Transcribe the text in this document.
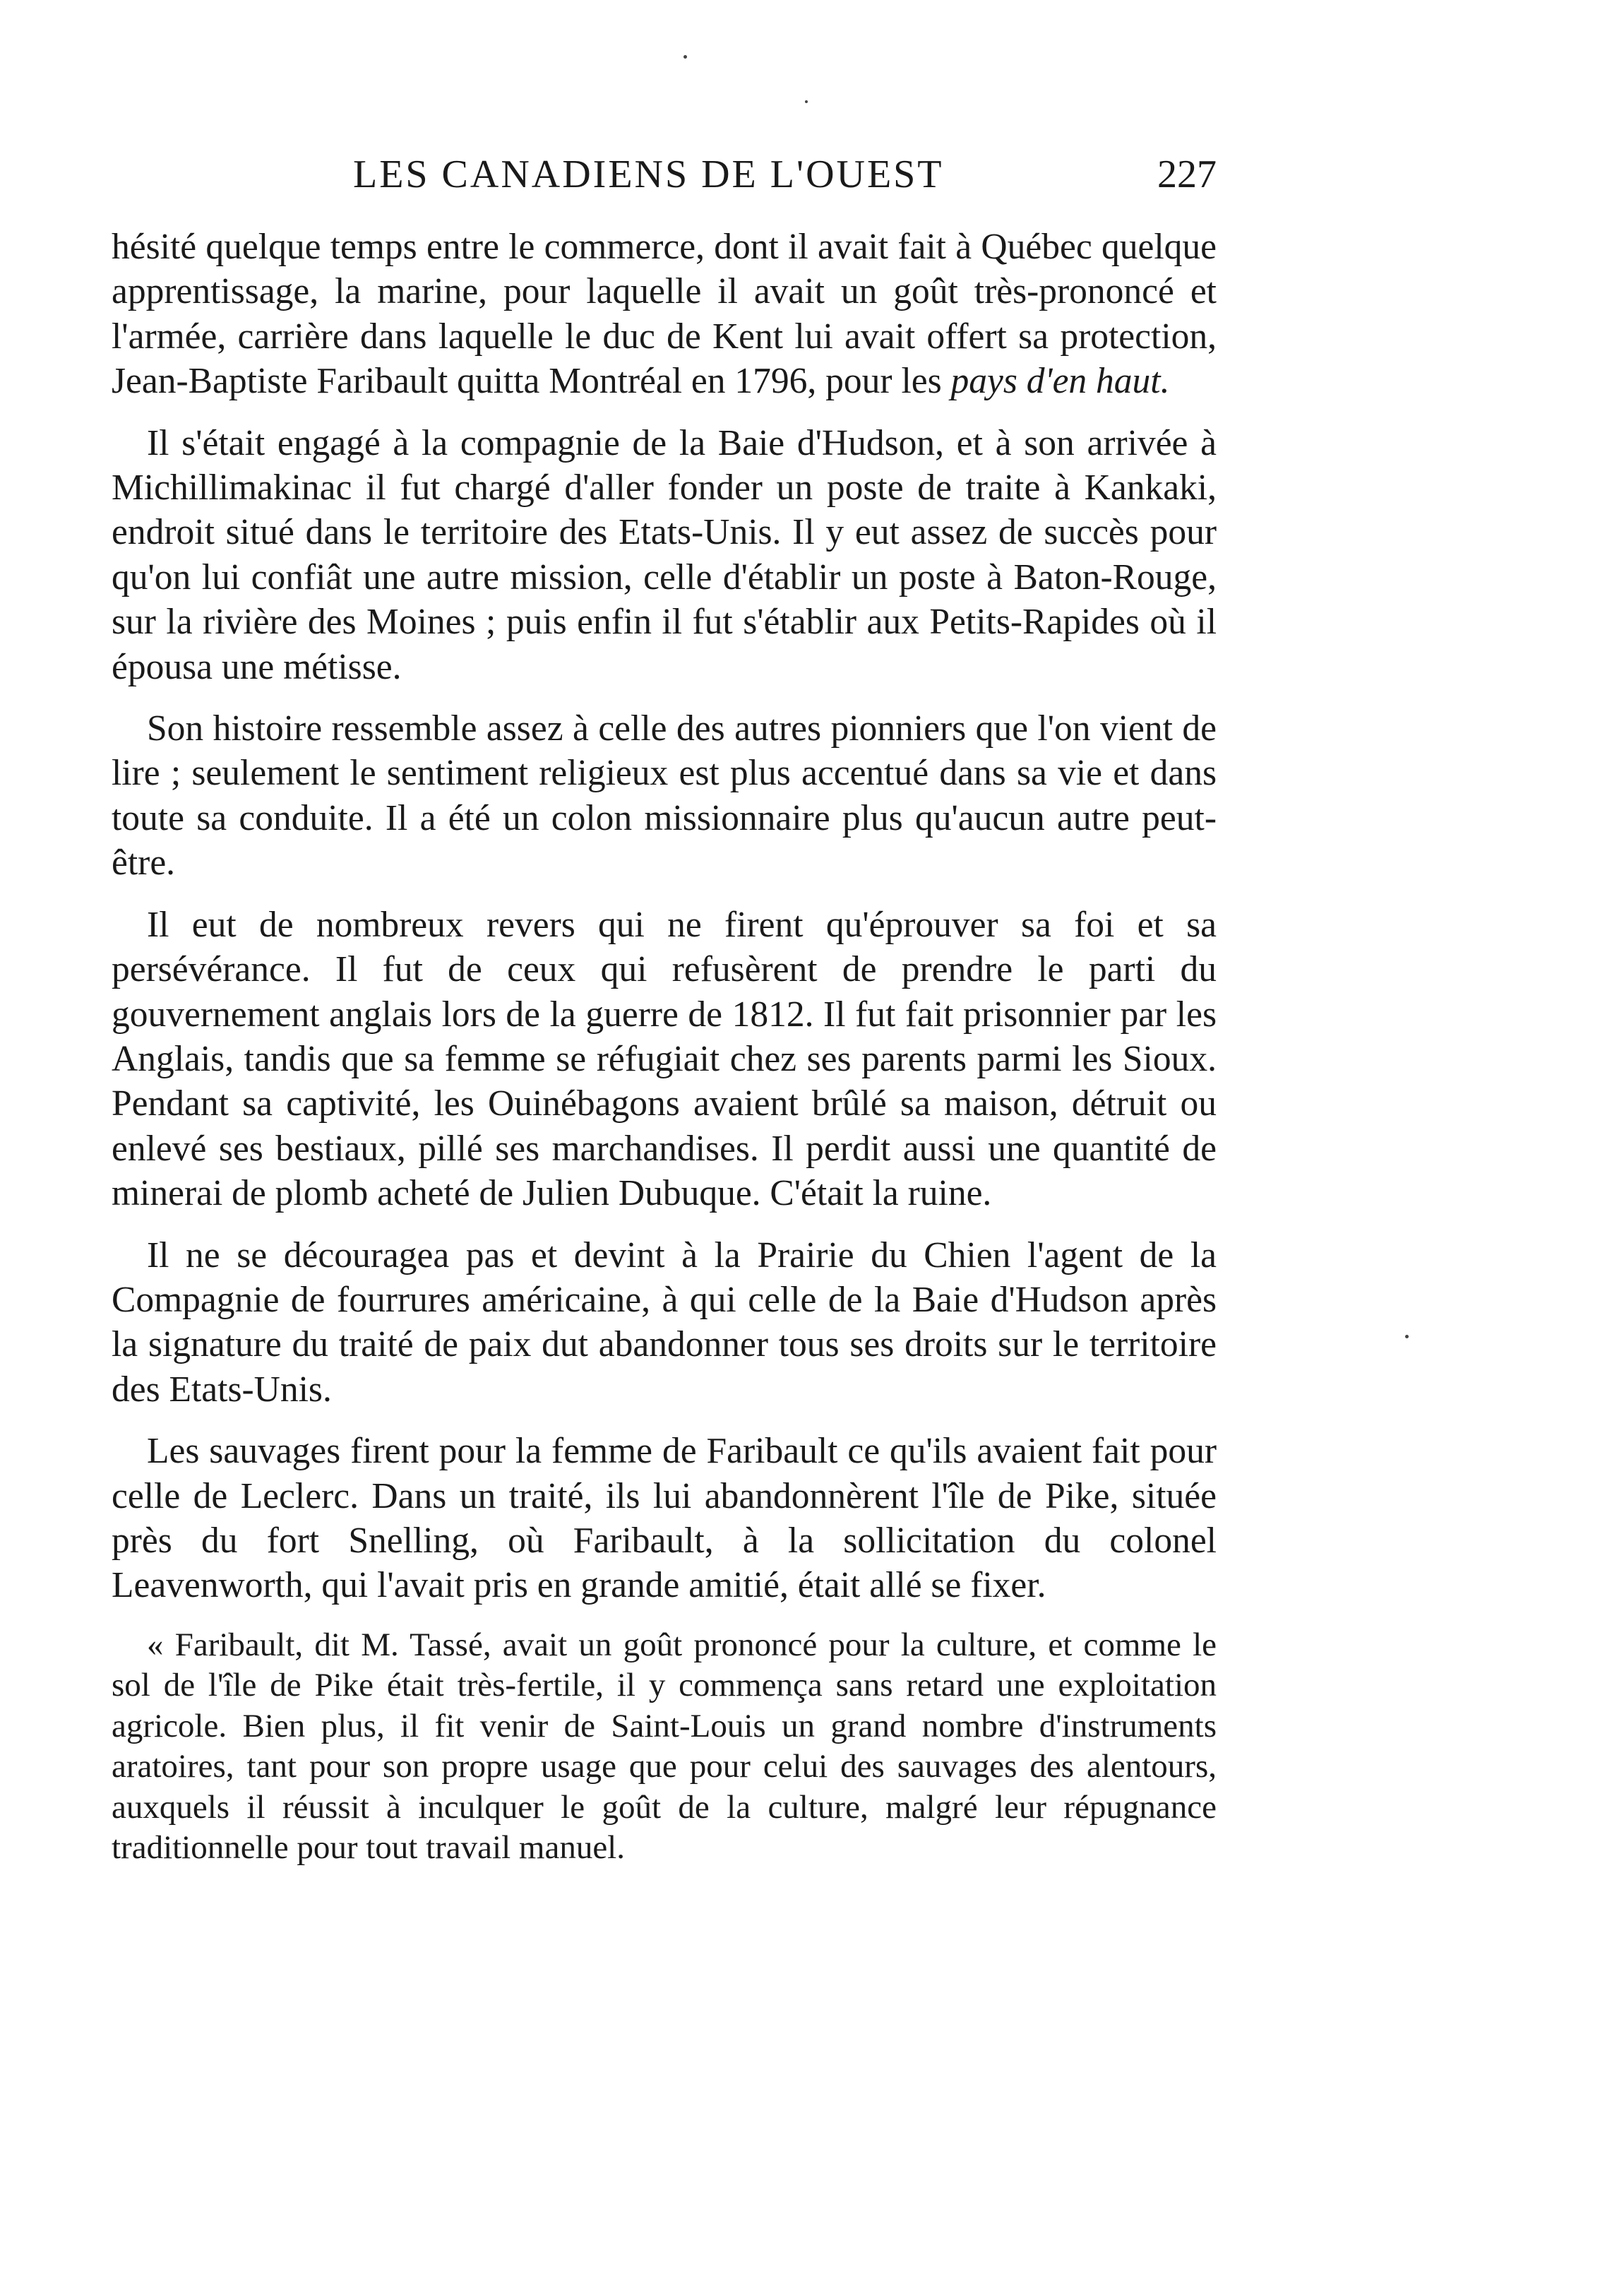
LES CANADIENS DE L'OUEST	227

hésité quelque temps entre le commerce, dont il avait fait à Québec quelque apprentissage, la marine, pour laquelle il avait un goût très-prononcé et l'armée, carrière dans laquelle le duc de Kent lui avait offert sa protection, Jean-Baptiste Faribault quitta Montréal en 1796, pour les pays d'en haut.

Il s'était engagé à la compagnie de la Baie d'Hudson, et à son arrivée à Michillimakinac il fut chargé d'aller fonder un poste de traite à Kankaki, endroit situé dans le territoire des Etats-Unis. Il y eut assez de succès pour qu'on lui confiât une autre mission, celle d'établir un poste à Baton-Rouge, sur la rivière des Moines ; puis enfin il fut s'établir aux Petits-Rapides où il épousa une métisse.

Son histoire ressemble assez à celle des autres pionniers que l'on vient de lire ; seulement le sentiment religieux est plus accentué dans sa vie et dans toute sa conduite. Il a été un colon missionnaire plus qu'aucun autre peut-être.

Il eut de nombreux revers qui ne firent qu'éprouver sa foi et sa persévérance. Il fut de ceux qui refusèrent de prendre le parti du gouvernement anglais lors de la guerre de 1812. Il fut fait prisonnier par les Anglais, tandis que sa femme se réfugiait chez ses parents parmi les Sioux. Pendant sa captivité, les Ouinébagons avaient brûlé sa maison, détruit ou enlevé ses bestiaux, pillé ses marchandises. Il perdit aussi une quantité de minerai de plomb acheté de Julien Dubuque. C'était la ruine.

Il ne se découragea pas et devint à la Prairie du Chien l'agent de la Compagnie de fourrures américaine, à qui celle de la Baie d'Hudson après la signature du traité de paix dut abandonner tous ses droits sur le territoire des Etats-Unis.

Les sauvages firent pour la femme de Faribault ce qu'ils avaient fait pour celle de Leclerc. Dans un traité, ils lui abandonnèrent l'île de Pike, située près du fort Snelling, où Faribault, à la sollicitation du colonel Leavenworth, qui l'avait pris en grande amitié, était allé se fixer.

« Faribault, dit M. Tassé, avait un goût prononcé pour la culture, et comme le sol de l'île de Pike était très-fertile, il y commença sans retard une exploitation agricole. Bien plus, il fit venir de Saint-Louis un grand nombre d'instruments aratoires, tant pour son propre usage que pour celui des sauvages des alentours, auxquels il réussit à inculquer le goût de la culture, malgré leur répugnance traditionnelle pour tout travail manuel.
